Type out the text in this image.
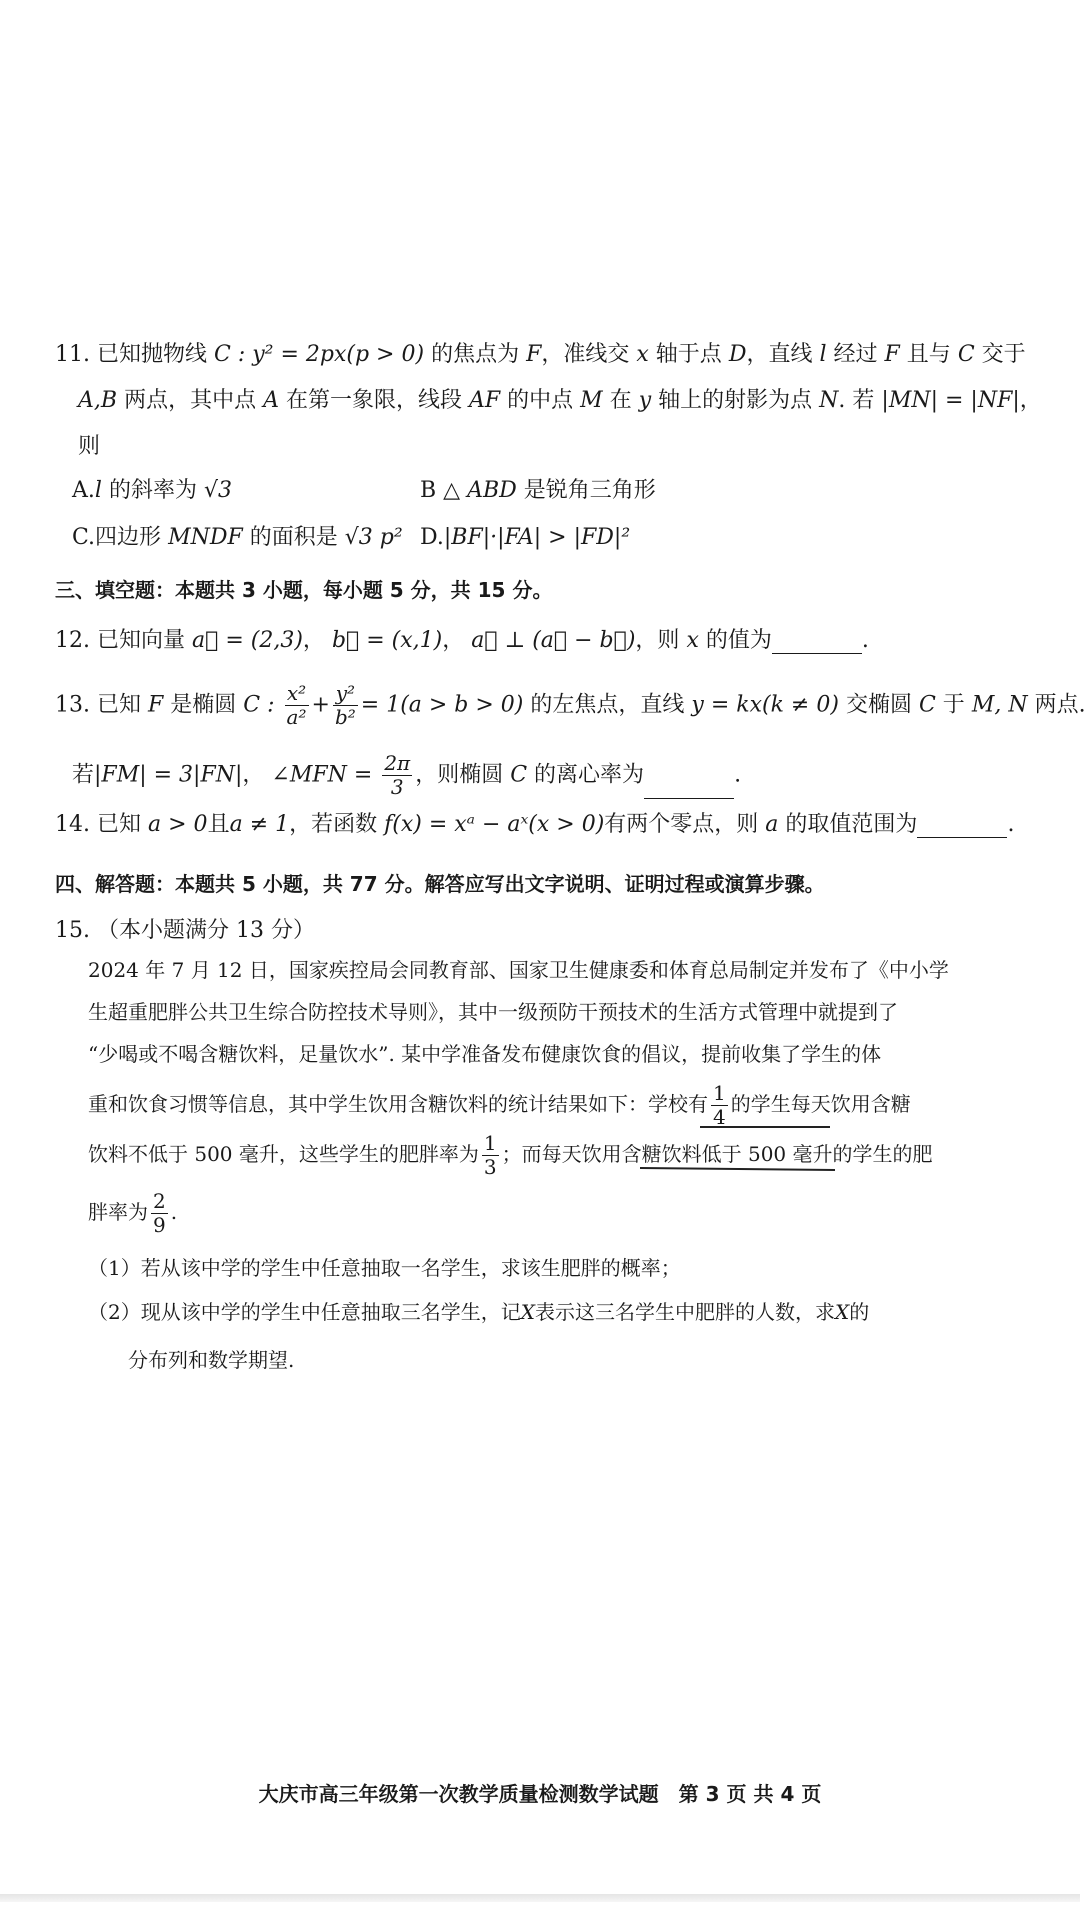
11. 已知抛物线 C : y² = 2px(p > 0) 的焦点为 F，准线交 x 轴于点 D，直线 l 经过 F 且与 C 交于
A,B 两点，其中点 A 在第一象限，线段 AF 的中点 M 在 y 轴上的射影为点 N. 若 |MN| = |NF|，
则
A.l 的斜率为 √3	B △ ABD 是锐角三角形
C.四边形 MNDF 的面积是 √3 p² D.|BF|·|FA| > |FD|²
三、填空题：本题共 3 小题，每小题 5 分，共 15 分。
12. 已知向量 a⃗ = (2,3)， b⃗ = (x,1)， a⃗ ⊥ (a⃗ − b⃗)，则 x 的值为	.
13. 已知 F 是椭圆 C : $\frac{\text{x²}}{\text{a²}} + \frac{\text{y²}}{\text{b²}} = 1(a > b > 0)$ 的左焦点，直线 y = kx(k ≠ 0) 交椭圆 C 于 M, N 两点.
若|FM| = 3|FN|， ∠MFN = $\frac{2\pi}{3}$ ，则椭圆 C 的离心率为	.
14. 已知 a > 0且a ≠ 1，若函数 f(x) = xᵃ − aˣ(x > 0)有两个零点，则 a 的取值范围为	.
四、解答题：本题共 5 小题，共 77 分。解答应写出文字说明、证明过程或演算步骤。
15. （本小题满分 13 分）
2024 年 7 月 12 日，国家疾控局会同教育部、国家卫生健康委和体育总局制定并发布了《中小学
生超重肥胖公共卫生综合防控技术导则》，其中一级预防干预技术的生活方式管理中就提到了
“少喝或不喝含糖饮料，足量饮水”. 某中学准备发布健康饮食的倡议，提前收集了学生的体
重和饮食习惯等信息，其中学生饮用含糖饮料的统计结果如下：学校有 $\frac{1}{4}$ 的学生每天饮用含糖
饮料不低于 500 毫升，这些学生的肥胖率为 $\frac{1}{3}$ ；而每天饮用含糖饮料低于 500 毫升的学生的肥
胖率为 $\frac{2}{9}$ .
（1）若从该中学的学生中任意抽取一名学生，求该生肥胖的概率；
（2）现从该中学的学生中任意抽取三名学生，记X表示这三名学生中肥胖的人数，求X的
分布列和数学期望.
大庆市高三年级第一次教学质量检测数学试题　第 3 页 共 4 页
